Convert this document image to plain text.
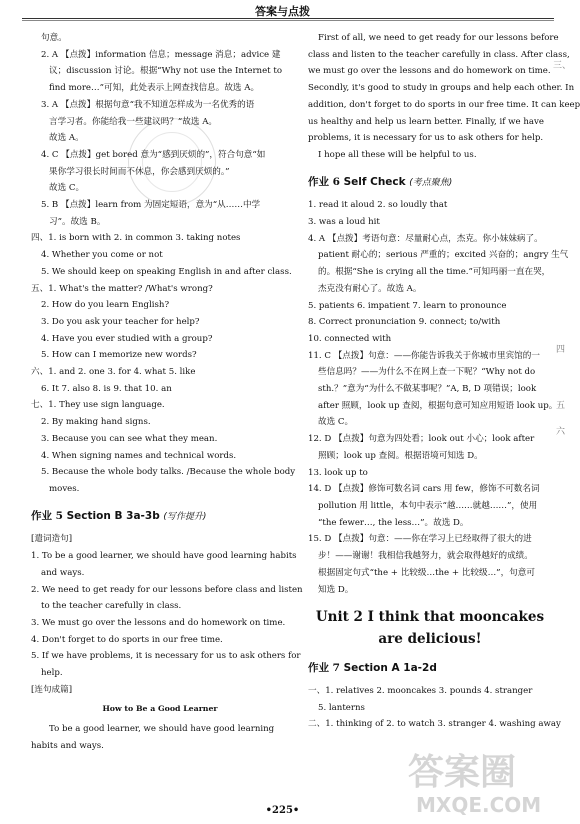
答案与点拨

句意。

2. A 【点拨】information 信息；message 消息；advice 建

议；discussion 讨论。根据“Why not use the Internet to

find more…”可知，此处表示上网查找信息。故选 A。

3. A 【点拨】根据句意“我不知道怎样成为一名优秀的语

言学习者。你能给我一些建议吗？”故选 A。

故选 A。

4. C 【点拨】get bored 意为“感到厌烦的”，符合句意“如

果你学习很长时间而不休息，你会感到厌烦的。”

故选 C。

5. B 【点拨】learn from 为固定短语，意为“从……中学

习”。故选 B。

四、1. is born with 2. in common 3. taking notes

4. Whether you come or not

5. We should keep on speaking English in and after class.

五、1. What's the matter? /What's wrong?

2. How do you learn English?

3. Do you ask your teacher for help?

4. Have you ever studied with a group?

5. How can I memorize new words?

六、1. and 2. one 3. for 4. what 5. like

6. It 7. also 8. is 9. that 10. an

七、1. They use sign language.

2. By making hand signs.

3. Because you can see what they mean.

4. When signing names and technical words.

5. Because the whole body talks. /Because the whole body

moves.

作业 5 Section B 3a-3b (写作提升)

[遣词造句]

1. To be a good learner, we should have good learning habits

and ways.

2. We need to get ready for our lessons before class and listen

to the teacher carefully in class.

3. We must go over the lessons and do homework on time.

4. Don't forget to do sports in our free time.

5. If we have problems, it is necessary for us to ask others for

help.

[连句成篇]

How to Be a Good Learner

To be a good learner, we should have good learning

habits and ways.

First of all, we need to get ready for our lessons before

class and listen to the teacher carefully in class. After class,

we must go over the lessons and do homework on time.

Secondly, it's good to study in groups and help each other. In

addition, don't forget to do sports in our free time. It can keep

us healthy and help us learn better. Finally, if we have

problems, it is necessary for us to ask others for help.

I hope all these will be helpful to us.

作业 6 Self Check (考点聚焦)

1. read it aloud 2. so loudly that

3. was a loud hit

4. A 【点拨】考语句意：尽量耐心点，杰克。你小妹妹病了。

patient 耐心的；serious 严重的；excited 兴奋的；angry 生气

的。根据“She is crying all the time.”可知玛丽一直在哭，

杰克没有耐心了。故选 A。

5. patients 6. impatient 7. learn to pronounce

8. Correct pronunciation 9. connect; to/with

10. connected with

11. C 【点拨】句意：——你能告诉我关于你城市里宾馆的一

些信息吗？——为什么不在网上查一下呢？“Why not do

sth.？”意为“为什么不做某事呢？”A, B, D 项错误；look

after 照顾，look up 查阅，根据句意可知应用短语 look up。

故选 C。

12. D 【点拨】句意为四处看；look out 小心；look after

照顾；look up 查阅。根据语境可知选 D。

13. look up to

14. D 【点拨】修饰可数名词 cars 用 few，修饰不可数名词

pollution 用 little，本句中表示“越……就越……”，使用

“the fewer…, the less…”。故选 D。

15. D 【点拨】句意：——你在学习上已经取得了很大的进

步！——谢谢！我相信我越努力，就会取得越好的成绩。

根据固定句式“the + 比较级…the + 比较级…”，句意可

知选 D。

Unit 2 I think that mooncakes
are delicious!
作业 7 Section A 1a-2d

一、1. relatives 2. mooncakes 3. pounds 4. stranger

5. lanterns

二、1. thinking of 2. to watch 3. stranger 4. washing away

三、
四
五
六
答案圈
MXQE.COM
•225•
